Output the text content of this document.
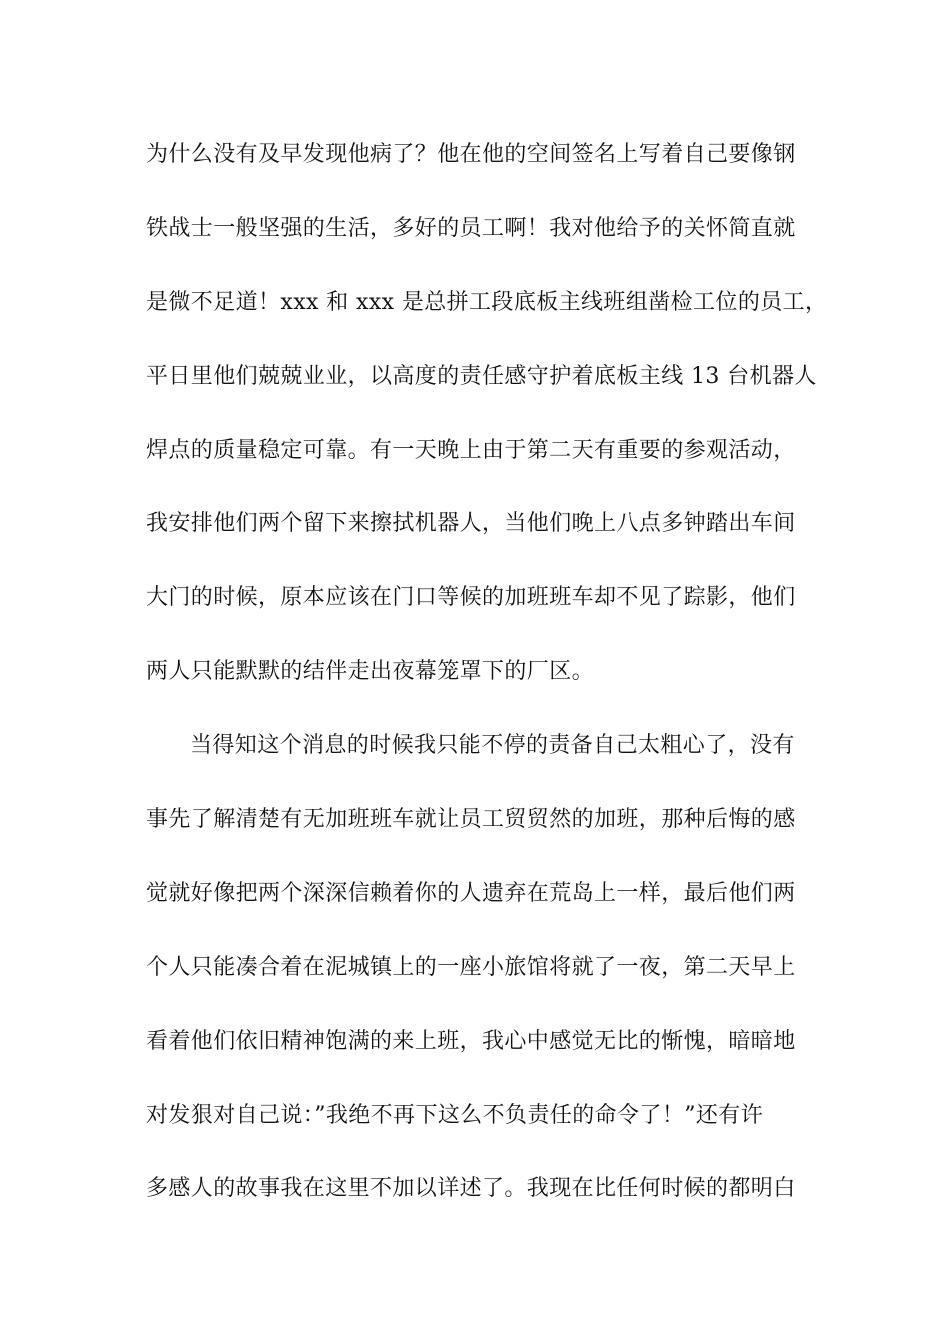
为什么没有及早发现他病了？他在他的空间签名上写着自己要像钢
铁战士一般坚强的生活，多好的员工啊！我对他给予的关怀简直就
是微不足道！xxx 和 xxx 是总拼工段底板主线班组凿检工位的员工，
平日里他们兢兢业业，以高度的责任感守护着底板主线 13 台机器人
焊点的质量稳定可靠。有一天晚上由于第二天有重要的参观活动，
我安排他们两个留下来擦拭机器人，当他们晚上八点多钟踏出车间
大门的时候，原本应该在门口等候的加班班车却不见了踪影，他们
两人只能默默的结伴走出夜幕笼罩下的厂区。
当得知这个消息的时候我只能不停的责备自己太粗心了，没有
事先了解清楚有无加班班车就让员工贸贸然的加班，那种后悔的感
觉就好像把两个深深信赖着你的人遗弃在荒岛上一样，最后他们两
个人只能凑合着在泥城镇上的一座小旅馆将就了一夜，第二天早上
看着他们依旧精神饱满的来上班，我心中感觉无比的惭愧，暗暗地
对发狠对自己说：”我绝不再下这么不负责任的命令了！”还有许
多感人的故事我在这里不加以详述了。我现在比任何时候的都明白
